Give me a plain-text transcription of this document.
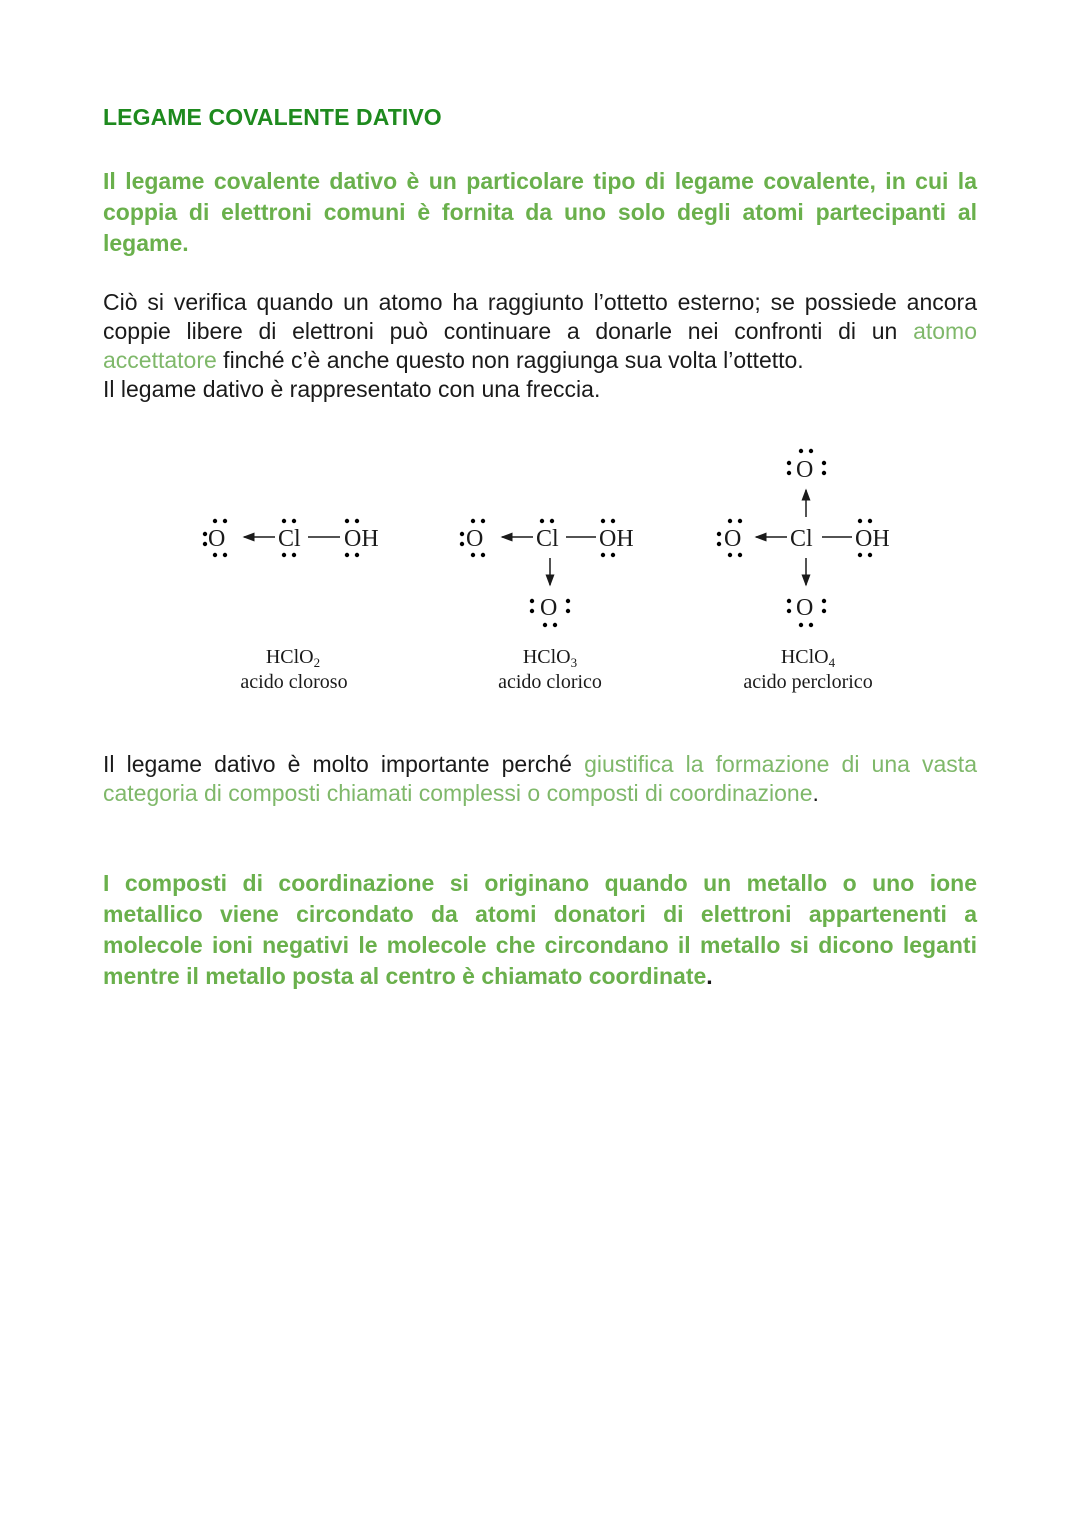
LEGAME COVALENTE DATIVO
Il legame covalente dativo è un particolare tipo di legame covalente, in cui la coppia di elettroni comuni è fornita da uno solo degli atomi partecipanti al legame.
Ciò si verifica quando un atomo ha raggiunto l’ottetto esterno; se possiede ancora coppie libere di elettroni può continuare a donarle nei confronti di un atomo accettatore finché c’è anche questo non raggiunga sua volta l’ottetto.
Il legame dativo è rappresentato con una freccia.
Il legame dativo è molto importante perché giustifica la formazione di una vasta categoria di composti chiamati complessi o composti di coordinazione.
I composti di coordinazione si originano quando un metallo o uno ione metallico viene circondato da atomi donatori di elettroni appartenenti a molecole ioni negativi le molecole che circondano il metallo si dicono leganti mentre il metallo posta al centro è chiamato coordinate.
O Cl OH
HClO$_2$
acido cloroso
O Cl OH
O
HClO$_3$
acido clorico
O
O Cl OH
O
HClO$_4$
acido perclorico
